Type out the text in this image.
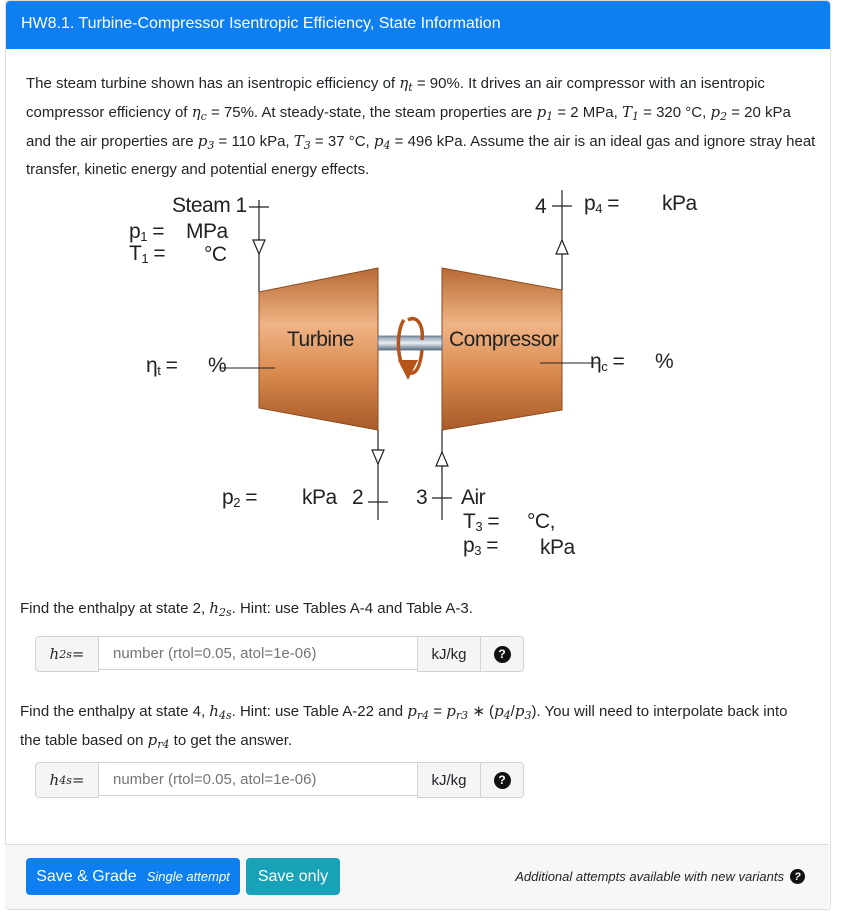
HW8.1. Turbine-Compressor Isentropic Efficiency, State Information
The steam turbine shown has an isentropic efficiency of $\eta_t = 90\%$. It drives an air compressor with an isentropic compressor efficiency of $\eta_c = 75\%$. At steady-state, the steam properties are $p_1 = 2$ MPa, $T_1 = 320$ °C, $p_2 = 20$ kPa and the air properties are $p_3 = 110$ kPa, $T_3 = 37$ °C, $p_4 = 496$ kPa. Assume the air is an ideal gas and ignore stray heat transfer, kinetic energy and potential energy effects.
Steam 1
$p_1$ = MPa
$T_1 = ^\circ C$
4 $p_4$ = kPa
Turbine	Compressor
$\eta_t$ = %	$\eta_c$ = %
$p_2$ = kPa 2	3 Air
$T_3 = ^\circ C$,
$p_3$ = kPa
Find the enthalpy at state 2, $h_{2s}$. Hint: use Tables A-4 and Table A-3.
h 2s =
number (rtol=0.05, atol=1e-06)	kJ/kg	?
Find the enthalpy at state 4, $h_{4s}$. Hint: use Table A-22 and $p_{r4} = p_{r3}$ ∗ $(p_4/p_3)$. You will need to interpolate back into the table based on $p_{r4}$ to get the answer.
h 4s =
number (rtol=0.05, atol=1e-06)	kJ/kg	?
Save & Grade Single attempt	Save only	Additional attempts available with new variants ?
